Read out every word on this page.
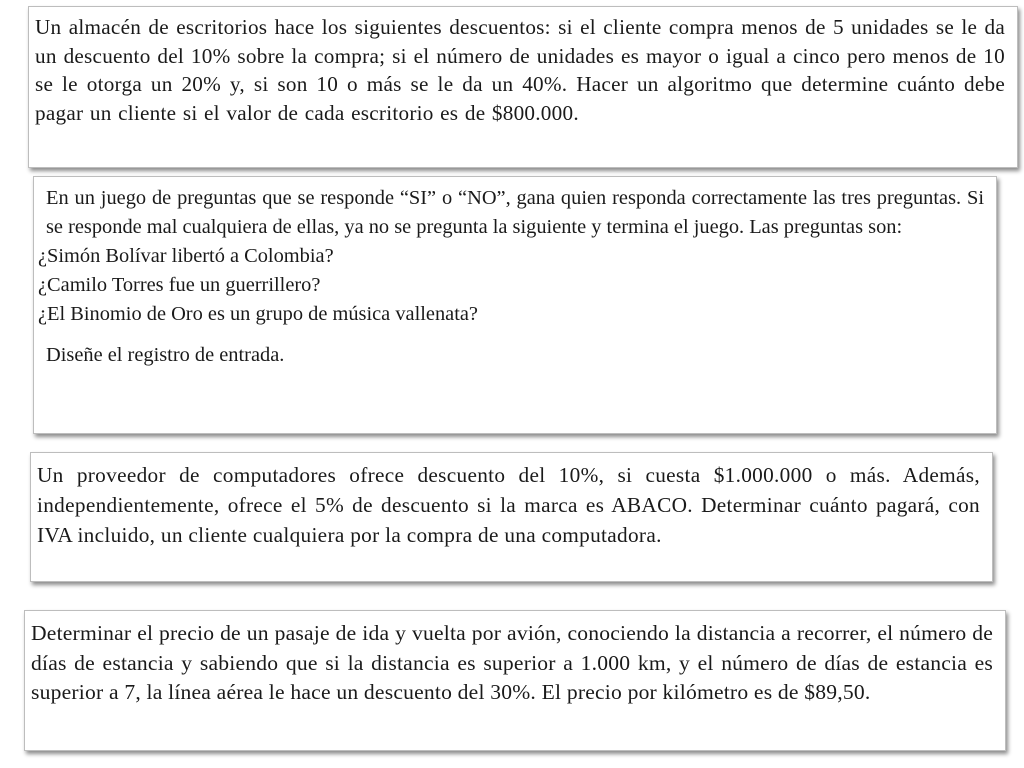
Un almacén de escritorios hace los siguientes descuentos: si el cliente compra menos de 5 unidades se le da un descuento del 10% sobre la compra; si el número de unidades es mayor o igual a cinco pero menos de 10 se le otorga un 20% y, si son 10 o más se le da un 40%. Hacer un algoritmo que determine cuánto debe pagar un cliente si el valor de cada escritorio es de $800.000.

En un juego de preguntas que se responde “SI” o “NO”, gana quien responda correctamente las tres preguntas. Si se responde mal cualquiera de ellas, ya no se pregunta la siguiente y termina el juego. Las preguntas son:

¿Simón Bolívar libertó a Colombia?
¿Camilo Torres fue un guerrillero?
¿El Binomio de Oro es un grupo de música vallenata?

Diseñe el registro de entrada.

Un proveedor de computadores ofrece descuento del 10%, si cuesta $1.000.000 o más. Además, independientemente, ofrece el 5% de descuento si la marca es ABACO. Determinar cuánto pagará, con IVA incluido, un cliente cualquiera por la compra de una computadora.

Determinar el precio de un pasaje de ida y vuelta por avión, conociendo la distancia a recorrer, el número de días de estancia y sabiendo que si la distancia es superior a 1.000 km, y el número de días de estancia es superior a 7, la línea aérea le hace un descuento del 30%. El precio por kilómetro es de $89,50.
